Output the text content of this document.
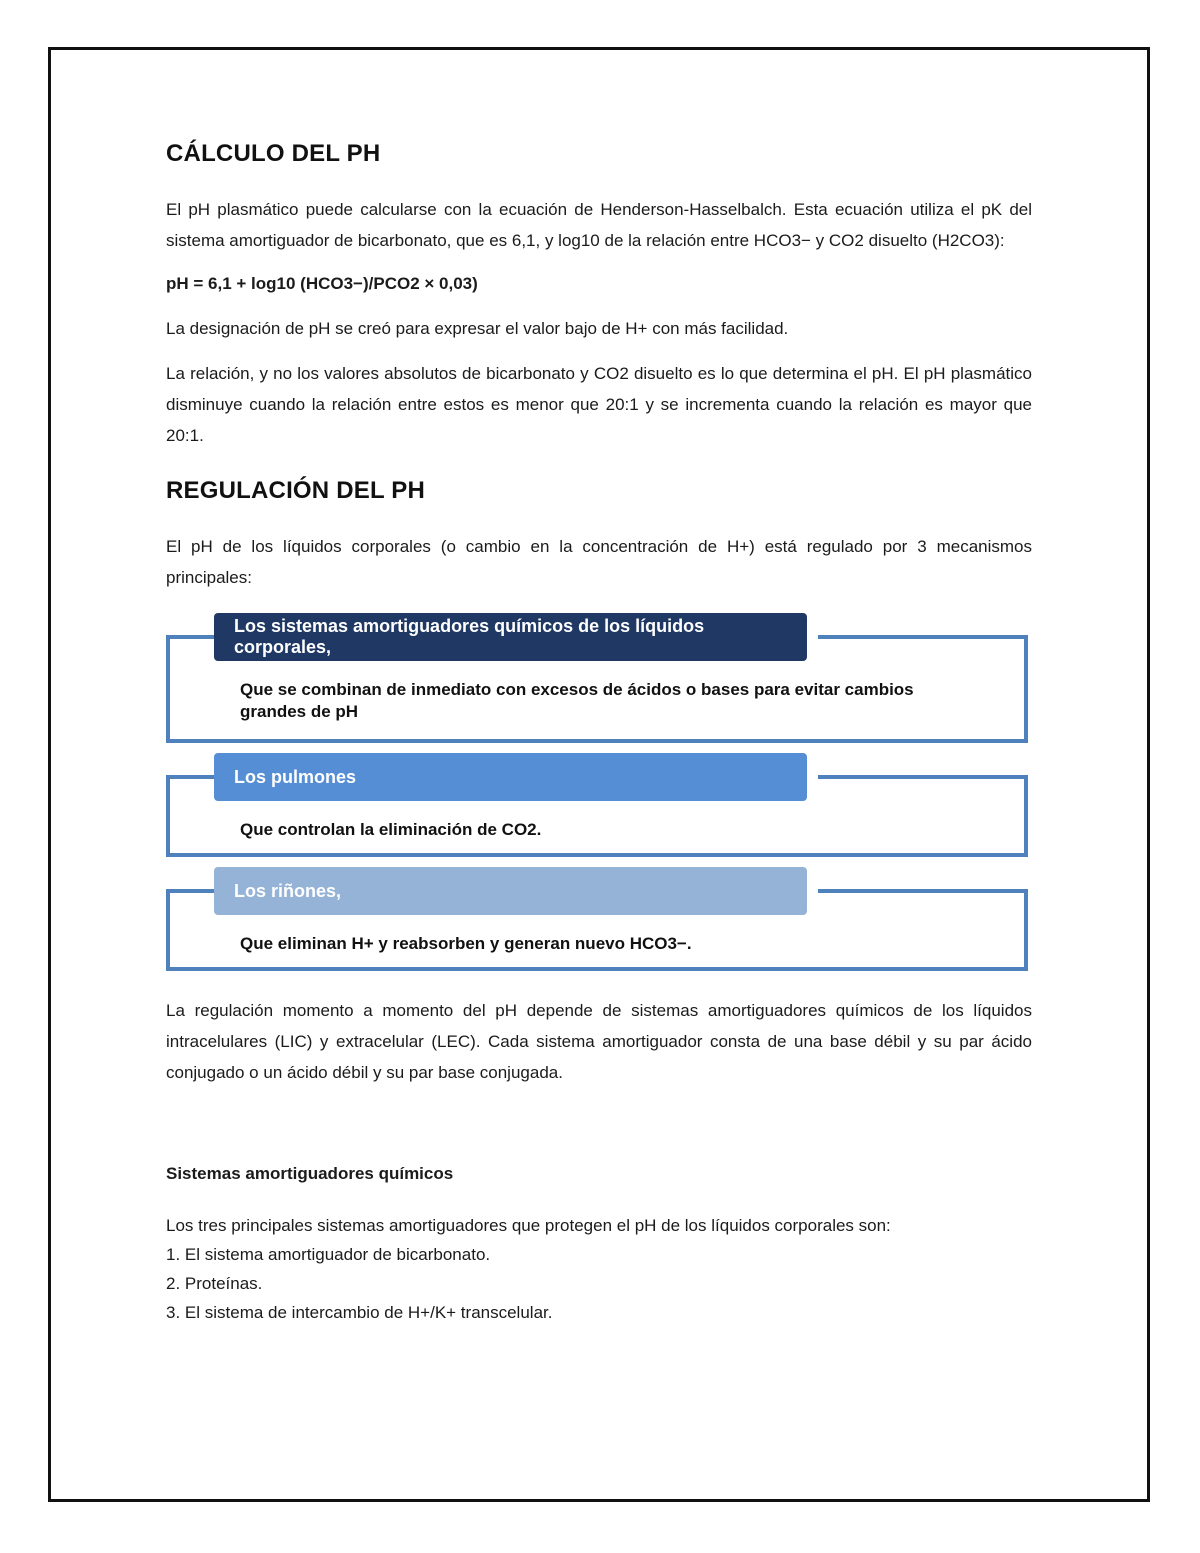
CÁLCULO DEL PH

El pH plasmático puede calcularse con la ecuación de Henderson-Hasselbalch. Esta ecuación utiliza el pK del sistema amortiguador de bicarbonato, que es 6,1, y log10 de la relación entre HCO3− y CO2 disuelto (H2CO3):

pH = 6,1 + log10 (HCO3−)/PCO2 × 0,03)

La designación de pH se creó para expresar el valor bajo de H+ con más facilidad.

La relación, y no los valores absolutos de bicarbonato y CO2 disuelto es lo que determina el pH. El pH plasmático disminuye cuando la relación entre estos es menor que 20:1 y se incrementa cuando la relación es mayor que 20:1.

REGULACIÓN DEL PH

El pH de los líquidos corporales (o cambio en la concentración de H+) está regulado por 3 mecanismos principales:

Que se combinan de inmediato con excesos de ácidos o bases para evitar cambios grandes de pH
Los sistemas amortiguadores químicos de los líquidos corporales,
Que controlan la eliminación de CO2.
Los pulmones
Que eliminan H+ y reabsorben y generan nuevo HCO3−.
Los riñones,

La regulación momento a momento del pH depende de sistemas amortiguadores químicos de los líquidos intracelulares (LIC) y extracelular (LEC). Cada sistema amortiguador consta de una base débil y su par ácido conjugado o un ácido débil y su par base conjugada.

Sistemas amortiguadores químicos

Los tres principales sistemas amortiguadores que protegen el pH de los líquidos corporales son:

1. El sistema amortiguador de bicarbonato.

2. Proteínas.

3. El sistema de intercambio de H+/K+ transcelular.
